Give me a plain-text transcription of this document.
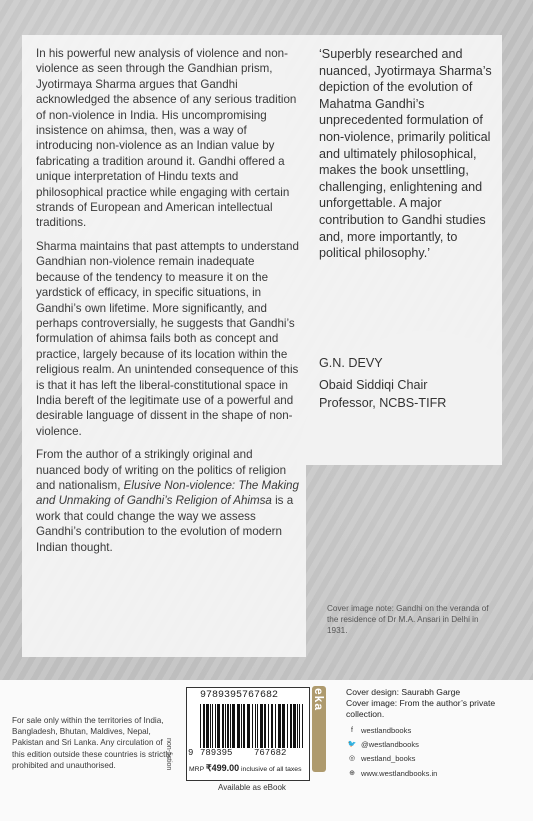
In his powerful new analysis of violence and non-violence as seen through the Gandhian prism, Jyotirmaya Sharma argues that Gandhi acknowledged the absence of any serious tradition of non-violence in India. His uncompromising insistence on ahimsa, then, was a way of introducing non-violence as an Indian value by fabricating a tradition around it. Gandhi offered a unique interpretation of Hindu texts and philosophical practice while engaging with certain strands of European and American intellectual traditions.

Sharma maintains that past attempts to understand Gandhian non-violence remain inadequate because of the tendency to measure it on the yardstick of efficacy, in specific situations, in Gandhi’s own lifetime. More significantly, and perhaps controversially, he suggests that Gandhi’s formulation of ahimsa fails both as concept and practice, largely because of its location within the religious realm. An unintended consequence of this is that it has left the liberal-constitutional space in India bereft of the legitimate use of a powerful and desirable language of dissent in the shape of non-violence.

From the author of a strikingly original and nuanced body of writing on the politics of religion and nationalism, Elusive Non-violence: The Making and Unmaking of Gandhi’s Religion of Ahimsa is a work that could change the way we assess Gandhi’s contribution to the evolution of modern Indian thought.

‘Superbly researched and nuanced, Jyotirmaya Sharma’s depiction of the evolution of Mahatma Gandhi’s unprecedented formulation of non-violence, primarily political and ultimately philosophical, makes the book unsettling, challenging, enlightening and unforgettable. A major contribution to Gandhi studies and, more importantly, to political philosophy.’

G.N. DEVY
Obaid Siddiqi Chair
Professor, NCBS-TIFR
Cover image note: Gandhi on the veranda of the residence of Dr M.A. Ansari in Delhi in 1931.
For sale only within the territories of India, Bangladesh, Bhutan, Maldives, Nepal, Pakistan and Sri Lanka. Any circulation of this edition outside these countries is strictly prohibited and unauthorised.	non-fiction
9789395767682
9 789395 767682
MRP ₹499.00 inclusive of all taxes
Available as eBook
eka Cover design: Saurabh Garge
Cover image: From the author’s private collection.
f	westlandbooks
🐦 @westlandbooks
◎ westland_books
⊕ www.westlandbooks.in
